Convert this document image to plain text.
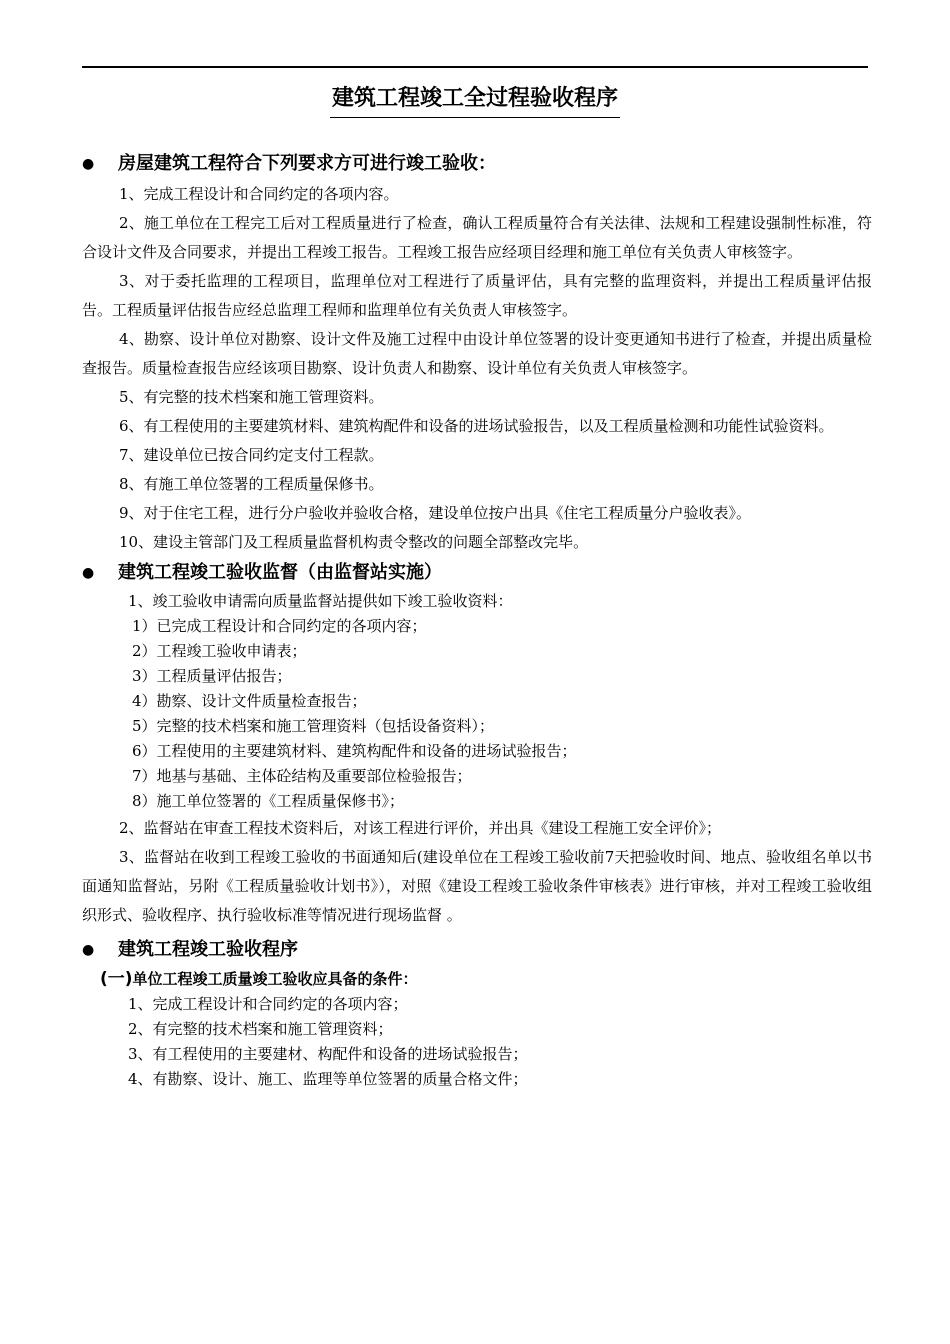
建筑工程竣工全过程验收程序
● 房屋建筑工程符合下列要求方可进行竣工验收：

1、完成工程设计和合同约定的各项内容。

2、施工单位在工程完工后对工程质量进行了检查，确认工程质量符合有关法律、法规和工程建设强制性标准，符合设计文件及合同要求，并提出工程竣工报告。工程竣工报告应经项目经理和施工单位有关负责人审核签字。

3、对于委托监理的工程项目，监理单位对工程进行了质量评估，具有完整的监理资料，并提出工程质量评估报告。工程质量评估报告应经总监理工程师和监理单位有关负责人审核签字。

4、勘察、设计单位对勘察、设计文件及施工过程中由设计单位签署的设计变更通知书进行了检查，并提出质量检查报告。质量检查报告应经该项目勘察、设计负责人和勘察、设计单位有关负责人审核签字。

5、有完整的技术档案和施工管理资料。

6、有工程使用的主要建筑材料、建筑构配件和设备的进场试验报告，以及工程质量检测和功能性试验资料。

7、建设单位已按合同约定支付工程款。

8、有施工单位签署的工程质量保修书。

9、对于住宅工程，进行分户验收并验收合格，建设单位按户出具《住宅工程质量分户验收表》。

10、建设主管部门及工程质量监督机构责令整改的问题全部整改完毕。

● 建筑工程竣工验收监督（由监督站实施）

1、竣工验收申请需向质量监督站提供如下竣工验收资料：

1）已完成工程设计和合同约定的各项内容；

2）工程竣工验收申请表；

3）工程质量评估报告；

4）勘察、设计文件质量检查报告；

5）完整的技术档案和施工管理资料（包括设备资料）；

6）工程使用的主要建筑材料、建筑构配件和设备的进场试验报告；

7）地基与基础、主体砼结构及重要部位检验报告；

8）施工单位签署的《工程质量保修书》；

2、监督站在审查工程技术资料后，对该工程进行评价，并出具《建设工程施工安全评价》；

3、监督站在收到工程竣工验收的书面通知后(建设单位在工程竣工验收前7天把验收时间、地点、验收组名单以书面通知监督站，另附《工程质量验收计划书》），对照《建设工程竣工验收条件审核表》进行审核，并对工程竣工验收组织形式、验收程序、执行验收标准等情况进行现场监督 。

● 建筑工程竣工验收程序
(一)单位工程竣工质量竣工验收应具备的条件：

1、完成工程设计和合同约定的各项内容；

2、有完整的技术档案和施工管理资料；

3、有工程使用的主要建材、构配件和设备的进场试验报告；

4、有勘察、设计、施工、监理等单位签署的质量合格文件；
